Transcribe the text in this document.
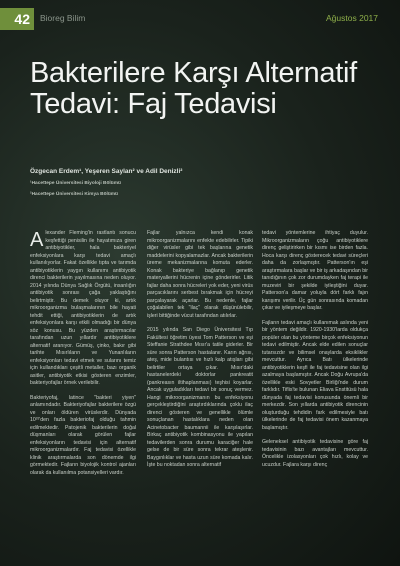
42	Bioreg Bilim	Ağustos 2017
Bakterilere Karşı Alternatif Tedavi: Faj Tedavisi
Özgecan Erdem¹, Yeşeren Saylan² ve Adil Denizli²
¹Hacettepe Üniversitesi Biyoloji Bölümü
²Hacettepe Üniversitesi Kimya Bölümü

Alexander Fleming'in rastlantı sonucu keşfettiği penisilin ile hayatımıza giren antibiyotikler, hala bakteriyel enfeksiyonlara karşı tedavi amaçlı kullanılıyorlar. Fakat özellikle tıpta ve tarımda antibiyotiklerin yaygın kullanımı antibiyotik direnci bakterilerin yayılmasına neden oluyor. 2014 yılında Dünya Sağlık Örgütü, insanlığın antibiyotik sonrası çağa yaklaştığını belirtmiştir. Bu demek oluyor ki, artık mikroorganizma bulaşmalarının bile hayati tehdit ettiği, antibiyotiklerin de artık enfeksiyonlara karşı etkili olmadığı bir dünya söz konusu. Bu yüzden araştırmacılar tarafından uzun yıllardır antibiyotiklere alternatif aranıyor. Gümüş, çinko, bakır gibi tarihte Mısırlıların ve Yunanlıların enfeksiyonları tedavi etmek ve sularını temiz için kullandıkları çeşitli metaller, bazı organik asitler, antibiyotik etkisi gösteren enzimler, bakteriyofajlar örnek verilebilir.

Bakteriyofaj, latince "bakteri yiyen" anlamındadır. Bakteriyofajlar bakterilere özgü ve onları öldüren virüslerdir. Dünyada 10³¹'den fazla bakteriofaj olduğu tahmin edilmektedir. Patojenik bakterilerin doğal düşmanları olarak görülen fajlar enfeksiyonların tedavisi için alternatif mikroorganizmalardır. Faj tedavisi özellikle klinik araştırmalarda son dönemde ilgi görmektedir. Fajların biyolojik kontrol ajanları olarak da kullanılma potansiyelleri vardır.

Fajlar yalnızca kendi konak mikroorganizmalarını enfekte edebilirler. Tipiki diğer virüsler gibi tek başlarına genetik maddelerini kopyalamazlar. Ancak bakterilerin üreme mekanizmalarına komuta ederler. Konak bakteriye bağlanıp genetik materyallerini hücrenin içine gönderirler. Litik fajlar daha sonra hücreleri yok eder, yeni virüs parçacıklarını serbest bırakmak için hücreyi parçalayarak açarlar. Bu nedenle, fajlar çoğalabilen tek "ilaç" olarak düşünülebilir, işleri bittiğinde vücut tarafından atılırlar.

2015 yılında San Diego Üniversitesi Tıp Fakültesi öğretim üyesi Tom Patterson ve eşi Steffanie Strathdee Mısır'a tatile giderler. Bir süre sonra Patterson hastalanır. Karın ağrısı, ateş, mide bulantısı ve hızlı kalp atışları gibi belirtiler ortaya çıkar. Mısır'daki hastanelerdeki doktorlar pankreatit (pankreasın iltihaplanması) teşhisi koyarlar. Ancak uyguladıkları tedavi bir sonuç vermez. Hangi mikroorganizmanın bu enfeksiyonu gerçekleştirdiğini araştırdıklarında çoklu ilaç direnci gösteren ve genellikle ölümle sonuçlanan hastalıklara neden olan Acinetobacter baumannii ile karşılaşırlar. Birkaç antibiyotik kombinasyonu ile yapılan tedavilerden sonra durumu karaciğer hale gelse de bir süre sonra tekrar ateşlenir. Baygınlıklar ve hasta uzun süre komada kalır. İşte bu noktadan sonra alternatif

tedavi yöntemlerine ihtiyaç duyulur. Mikroorganizmaların çoğu antibiyotiklere direnç geliştirirken bir kısmı ise birden fazla. Hoca karşı direnç gösterecek tedavi süreçleri daha da zorlaşmıştır. Patterson'ın eşi araştırmalara başlar ve bir iş arkadaşından bir tanıdığının çok zor durumdayken faj terapi ile muzeviri bir şekilde iyileştiğini duyar. Patterson'a damar yoluyla dört farklı fajın karışımı verilir. Üç gün sonrasında komadan çıkar ve iyileşmeye başlar.

Fajların tedavi amaçlı kullanımak aslında yeni bir yöntem değildir. 1920-1930'larda oldukça popüler olan bu yönteme birçok enfeksiyonun tedavi edilmiştir. Ancak elde edilen sonuçlar tutarsızdır ve bilimsel onaylarda eksiklikler mevcuttur. Ayrıca Batı ülkelerinde antibiyotiklerin keşfi ile faj tedavisine olan ilgi azalmaya başlamıştır. Ancak Doğu Avrupa'da özellikle eski Sovyetler Birliği'nde durum farklıdır. Tiflis'te bulunan Eliava Enstitüsü hala dünyada faj tedavisi konusunda önemli bir merkezdir. Son yıllarda antibiyotik direncinin oluşturduğu tehdidin fark edilmesiyle batı ülkelerinde de faj tedavisi önem kazanmaya başlamıştır.

Geleneksel antibiyotik tedavisine göre faj tedavisinin bazı avantajları mevcuttur. Öncelikle izolasyonları çok hızlı, kolay ve ucuzdur. Fajlara karşı direnç
